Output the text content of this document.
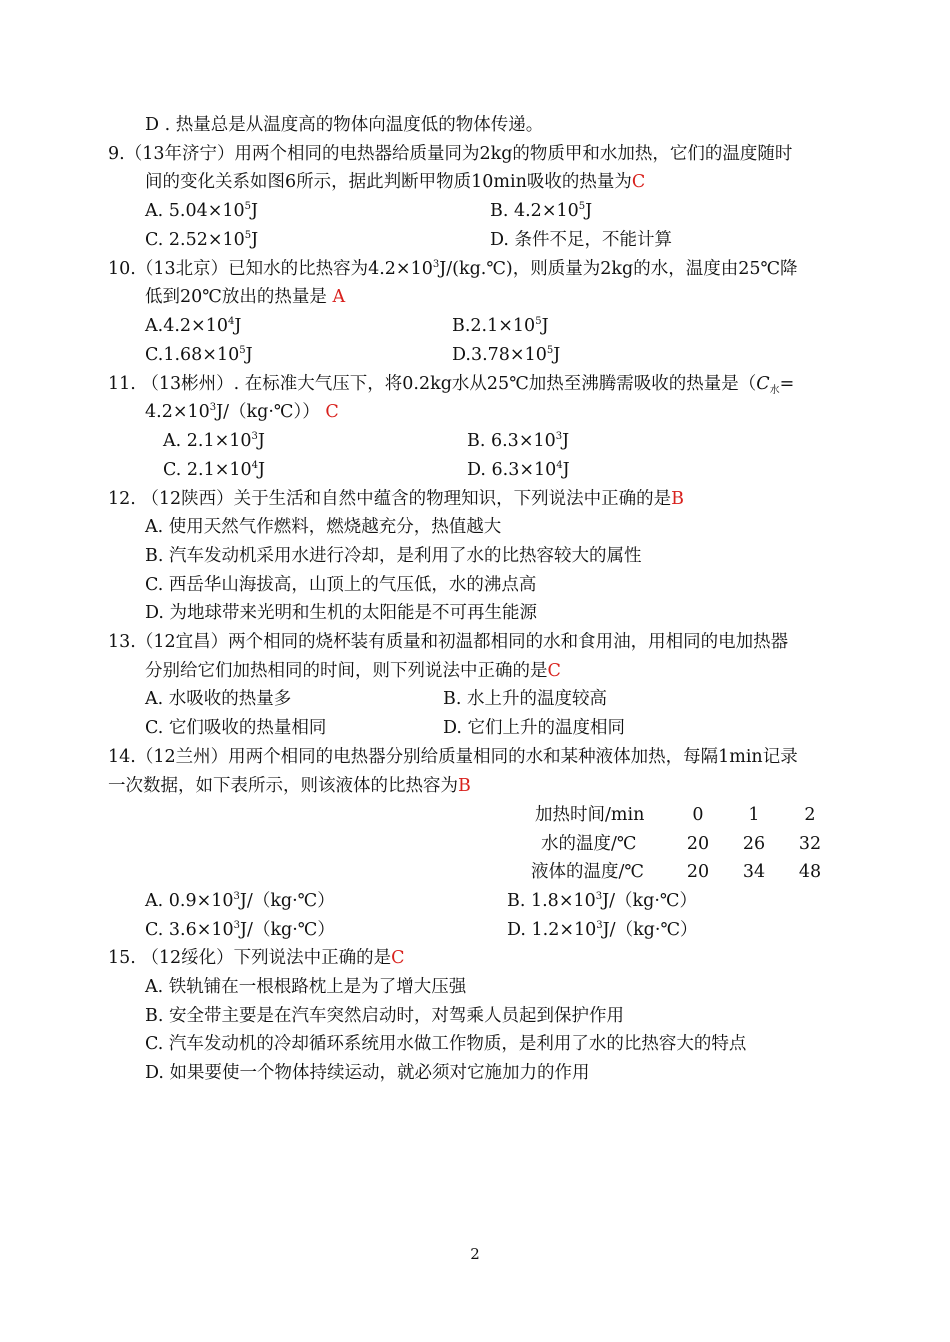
D . 热量总是从温度高的物体向温度低的物体传递。
9.（13年济宁）用两个相同的电热器给质量同为2kg的物质甲和水加热，它们的温度随时
间的变化关系如图6所示，据此判断甲物质10min吸收的热量为C
A. $5.04\times 10^5J$	B. $4.2\times 10^5J$
C. $2.52\times 10^5J$	D. 条件不足，不能计算
10.（13北京）已知水的比热容为$4.2\times 10^3J/(kg.℃)$，则质量为2kg的水，温度由25℃降
低到20℃放出的热量是 A
$A.4.2\times 10^4J$	$B.2.1\times 10^5J$
$C.1.68\times 10^5J$	$D.3.78\times 10^5J$
11. （13彬州）. 在标准大气压下，将0.2kg水从25℃加热至沸腾需吸收的热量是（$C_水=$
$4.2\times 10^3J/(kg\cdot℃)$） C
A. $2.1\times 10^3J$	B. $6.3\times 10^3J$
C. $2.1\times 10^4J$	D. $6.3\times 10^4J$
12. （12陕西）关于生活和自然中蕴含的物理知识，下列说法中正确的是B
A. 使用天然气作燃料，燃烧越充分，热值越大
B. 汽车发动机采用水进行冷却，是利用了水的比热容较大的属性
C. 西岳华山海拔高，山顶上的气压低，水的沸点高
D. 为地球带来光明和生机的太阳能是不可再生能源
13.（12宜昌）两个相同的烧杯装有质量和初温都相同的水和食用油，用相同的电加热器
分别给它们加热相同的时间，则下列说法中正确的是C
A. 水吸收的热量多	B. 水上升的温度较高
C. 它们吸收的热量相同	D. 它们上升的温度相同
14.（12兰州）用两个相同的电热器分别给质量相同的水和某种液体加热，每隔1min记录
一次数据，如下表所示，则该液体的比热容为B
加热时间/min	0	1	2
水的温度/℃	20	26	32
液体的温度/℃	20	34	48
A. $0.9\times 10^3J/(kg\cdot℃)$	B. $1.8\times 10^3J/(kg\cdot℃)$
C. $3.6\times 10^3J/(kg\cdot℃)$	D. $1.2\times 10^3J/(kg\cdot℃)$
15. （12绥化）下列说法中正确的是C
A. 铁轨铺在一根根路枕上是为了增大压强
B. 安全带主要是在汽车突然启动时，对驾乘人员起到保护作用
C. 汽车发动机的冷却循环系统用水做工作物质，是利用了水的比热容大的特点
D. 如果要使一个物体持续运动，就必须对它施加力的作用
2
